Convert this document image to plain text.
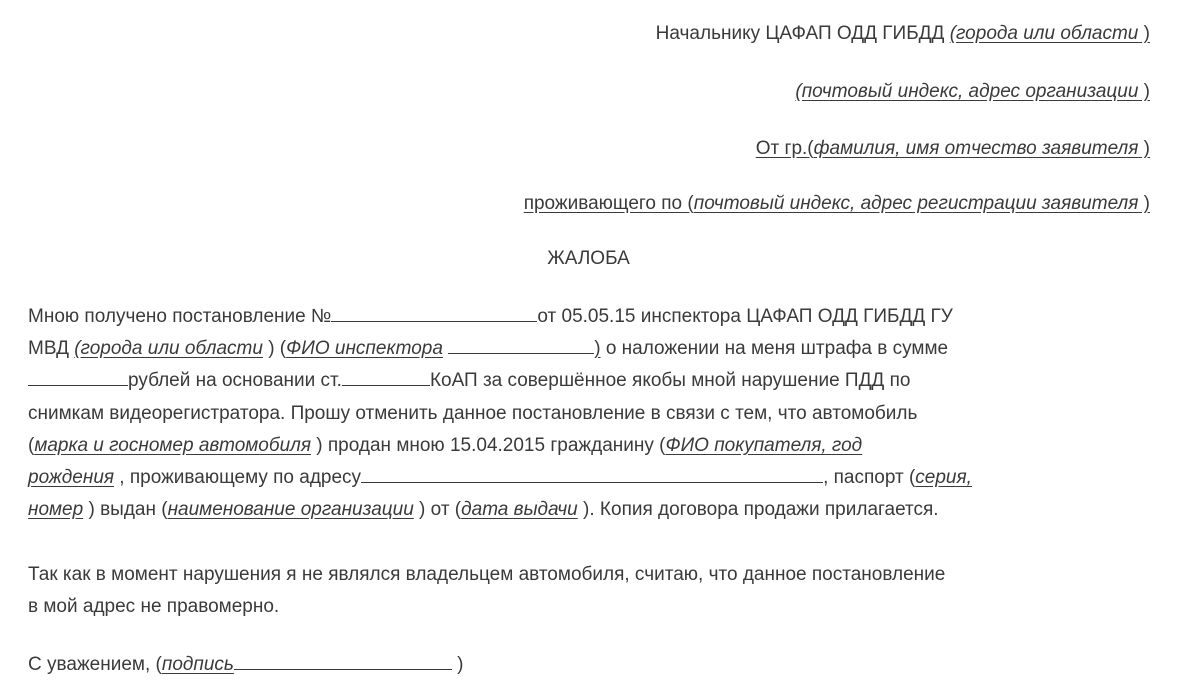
Начальнику ЦАФАП ОДД ГИБДД (города или области )

(почтовый индекс, адрес организации )

От гр.(фамилия, имя отчество заявителя )

проживающего по (почтовый индекс, адрес регистрации заявителя )

ЖАЛОБА

Мною получено постановление №	от 05.05.15 инспектора ЦАФАП ОДД ГИБДД ГУ
МВД (города или области ) (ФИО инспектора	) о наложении на меня штрафа в сумме
рублей на основании ст.	КоАП за совершённое якобы мной нарушение ПДД по
снимкам видеорегистратора. Прошу отменить данное постановление в связи с тем, что автомобиль
(марка и госномер автомобиля ) продан мною 15.04.2015 гражданину (ФИО покупателя, год
рождения , проживающему по адресу	, паспорт (серия,
номер ) выдан (наименование организации ) от (дата выдачи ). Копия договора продажи прилагается.

Так как в момент нарушения я не являлся владельцем автомобиля, считаю, что данное постановление
в мой адрес не правомерно.

С уважением, (подпись	)
